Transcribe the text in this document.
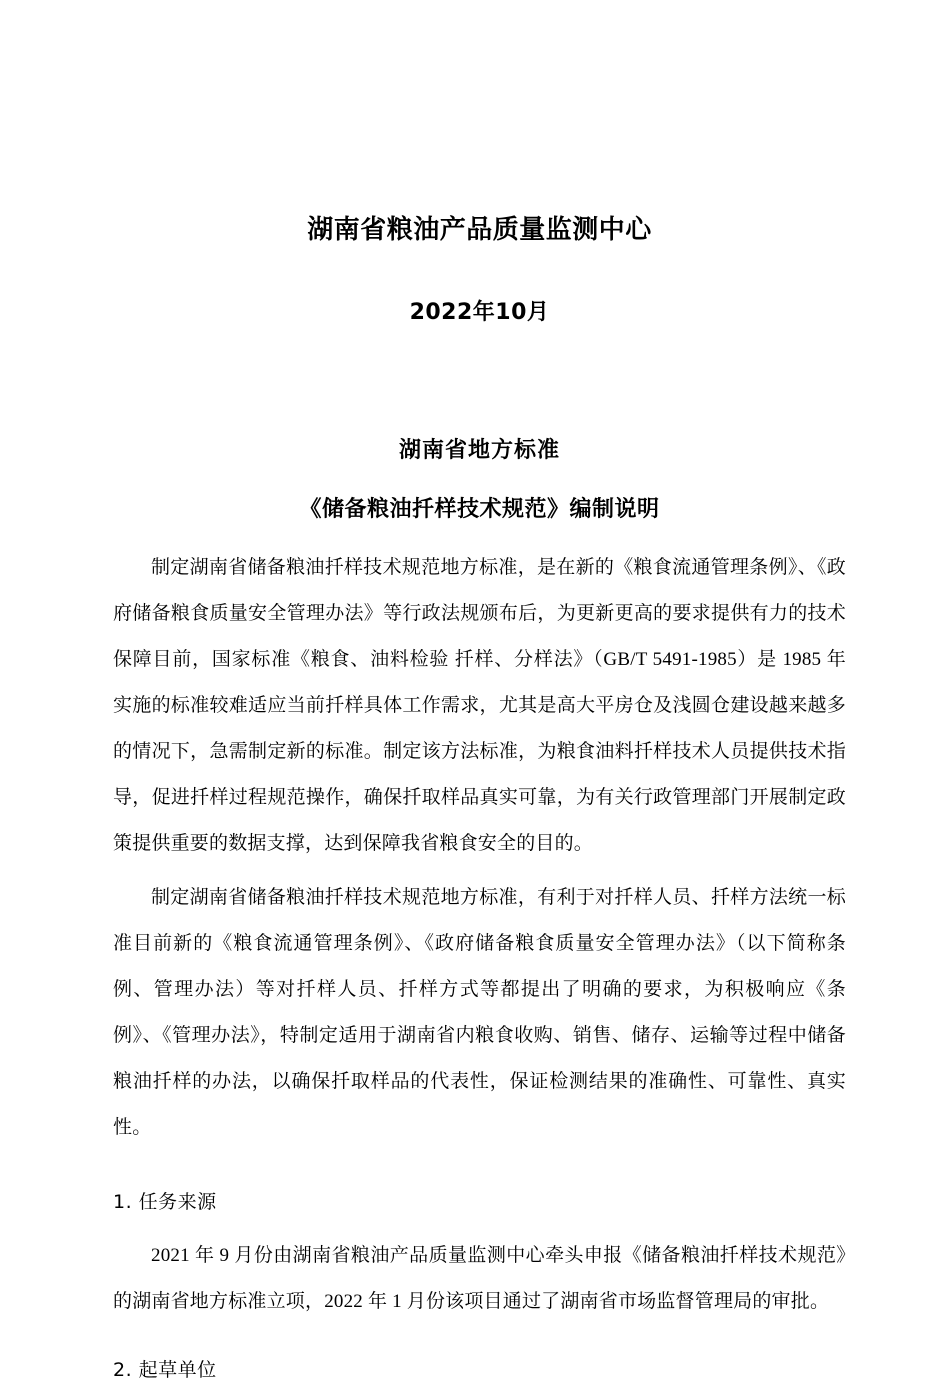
湖南省粮油产品质量监测中心
2022年10月
湖南省地方标准
《储备粮油扦样技术规范》编制说明

制定湖南省储备粮油扦样技术规范地方标准，是在新的《粮食流通管理条例》、《政府储备粮食质量安全管理办法》等行政法规颁布后，为更新更高的要求提供有力的技术保障目前，国家标准《粮食、油料检验 扦样、分样法》（GB/T 5491-1985）是 1985 年实施的标准较难适应当前扦样具体工作需求，尤其是高大平房仓及浅圆仓建设越来越多的情况下，急需制定新的标准。制定该方法标准，为粮食油料扦样技术人员提供技术指导，促进扦样过程规范操作，确保扦取样品真实可靠，为有关行政管理部门开展制定政策提供重要的数据支撑，达到保障我省粮食安全的目的。

制定湖南省储备粮油扦样技术规范地方标准，有利于对扦样人员、扦样方法统一标准目前新的《粮食流通管理条例》、《政府储备粮食质量安全管理办法》（以下简称条例、管理办法）等对扦样人员、扦样方式等都提出了明确的要求，为积极响应《条例》、《管理办法》，特制定适用于湖南省内粮食收购、销售、储存、运输等过程中储备粮油扦样的办法，以确保扦取样品的代表性，保证检测结果的准确性、可靠性、真实性。

1. 任务来源

2021 年 9 月份由湖南省粮油产品质量监测中心牵头申报《储备粮油扦样技术规范》的湖南省地方标准立项，2022 年 1 月份该项目通过了湖南省市场监督管理局的审批。

2. 起草单位
